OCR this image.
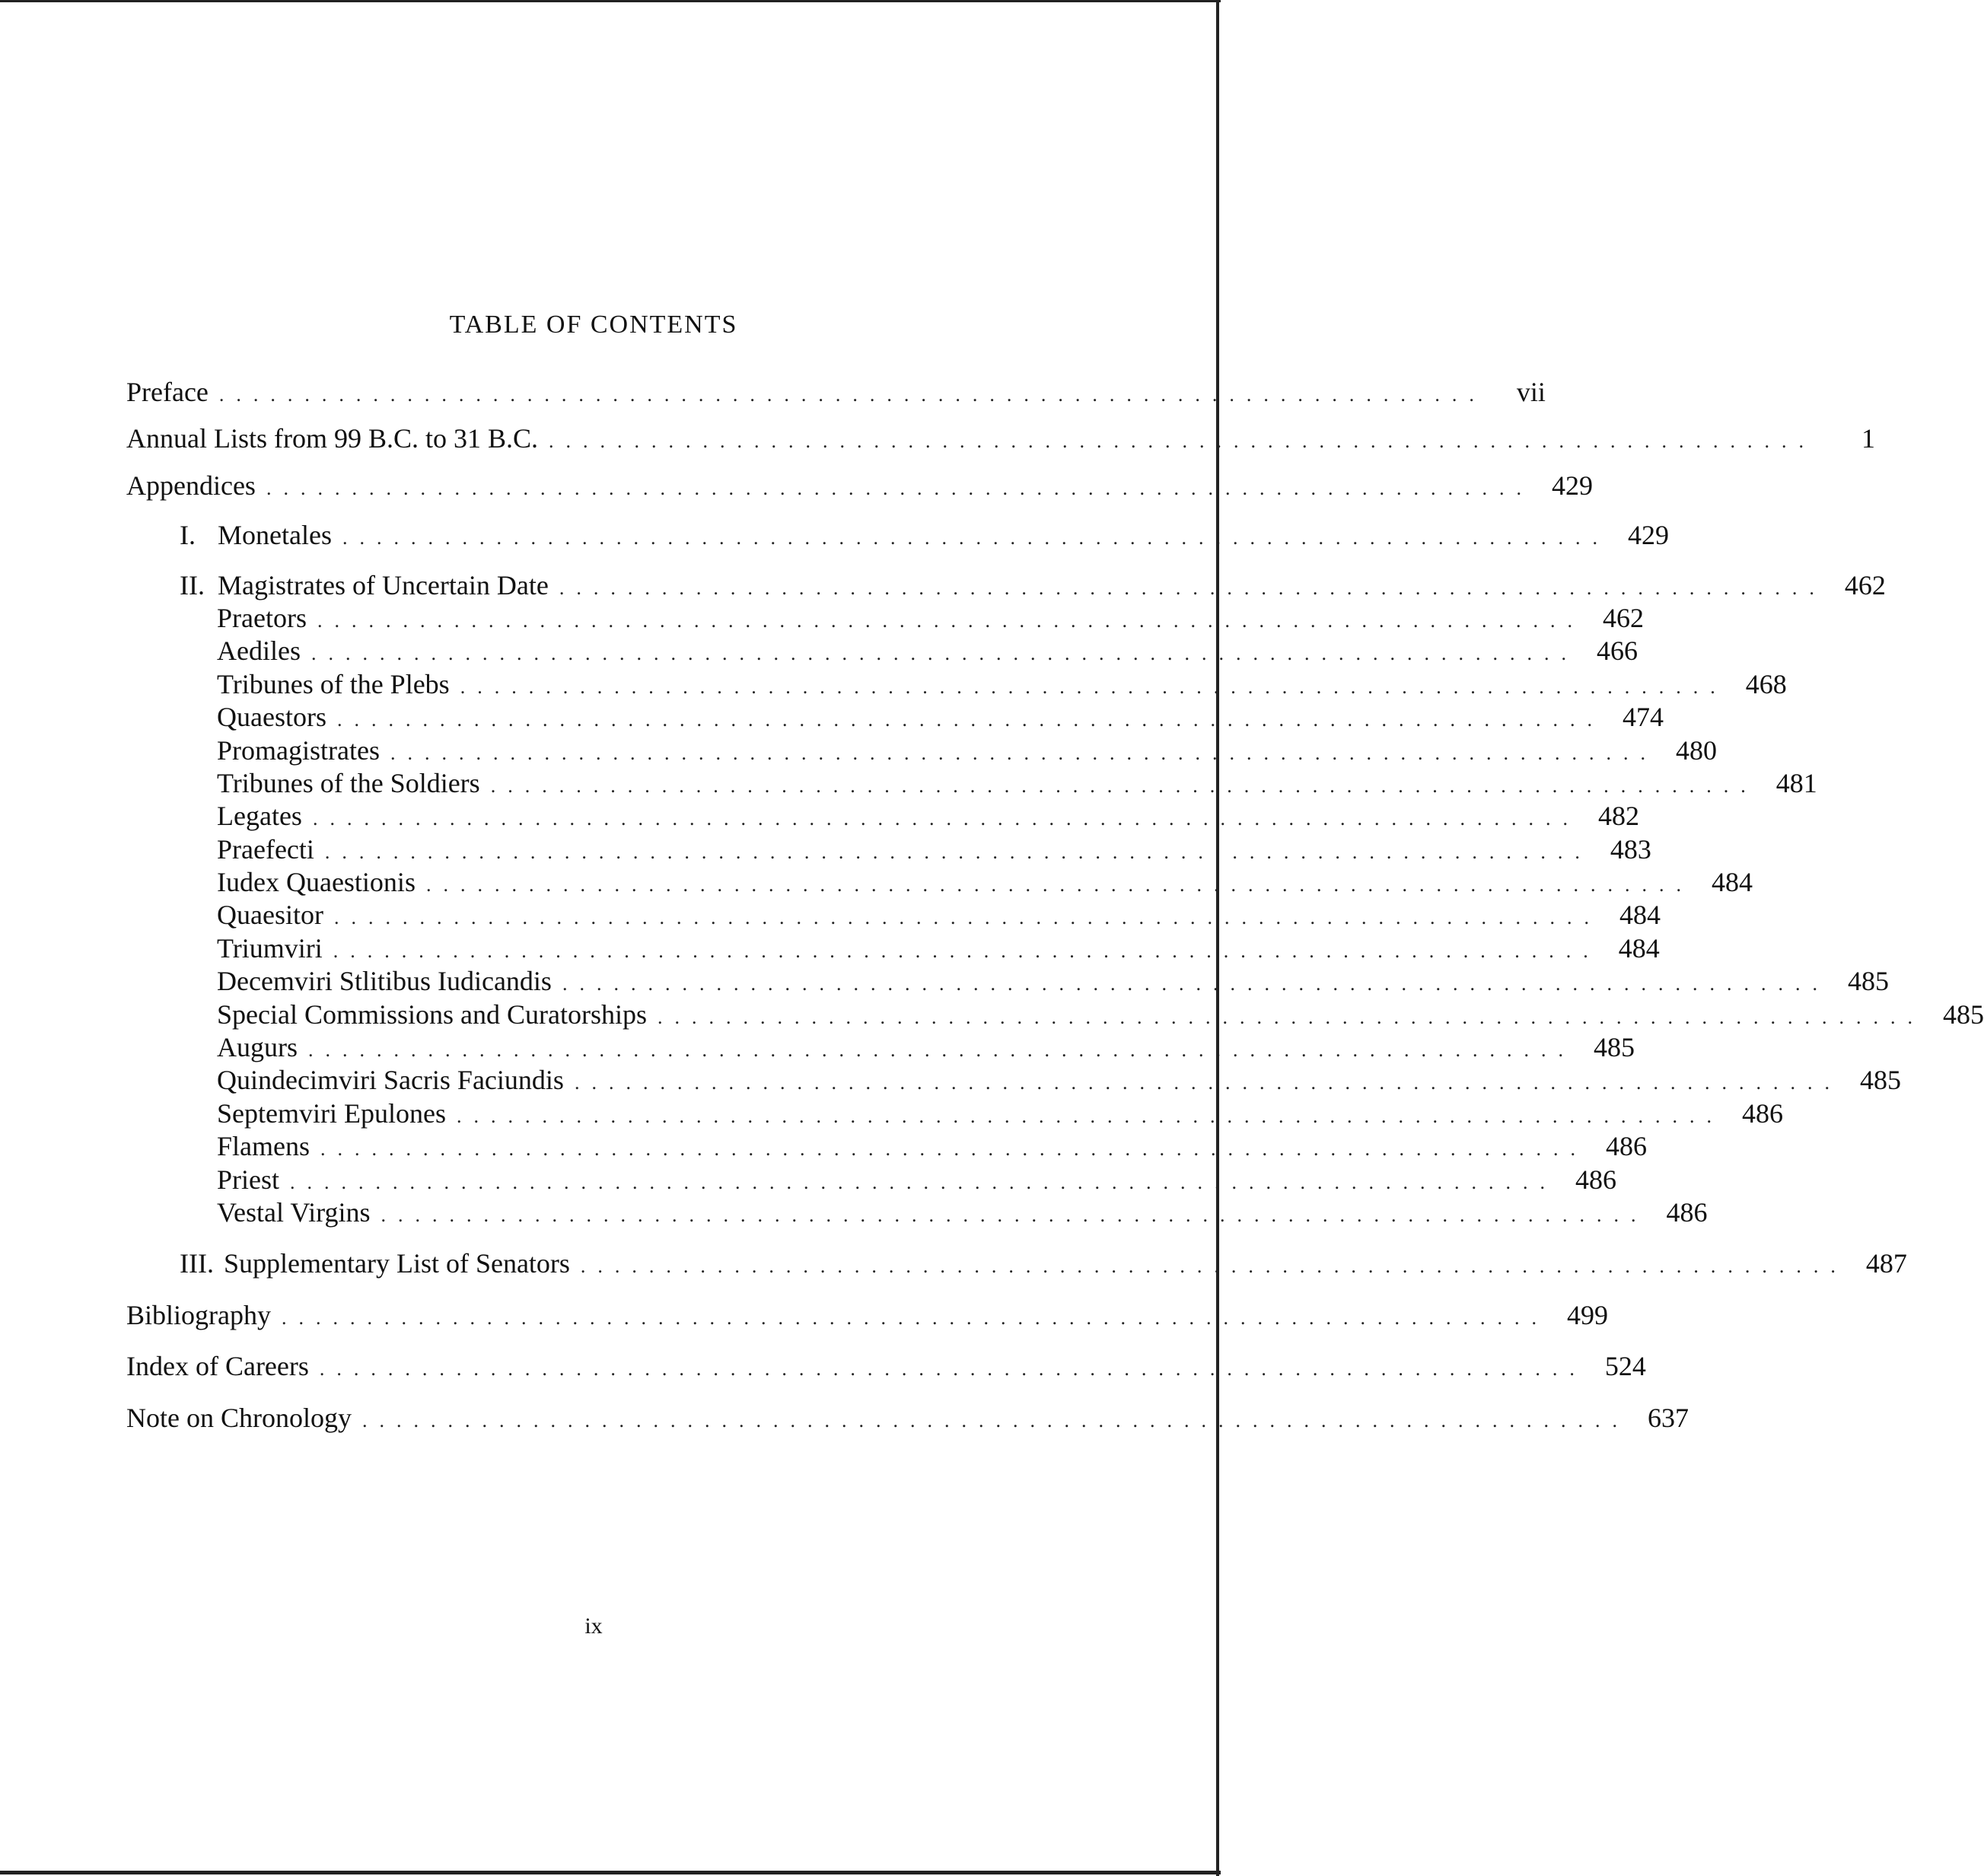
TABLE OF CONTENTS
Preface ..........................................................................	vii
Annual Lists from 99 B.C. to 31 B.C. ..........................................................................	1
Appendices .......................................................................... 429
I. Monetales .......................................................................... 429
II. Magistrates of Uncertain Date .......................................................................... 462
Praetors .......................................................................... 462
Aediles .......................................................................... 466
Tribunes of the Plebs .......................................................................... 468
Quaestors .......................................................................... 474
Promagistrates .......................................................................... 480
Tribunes of the Soldiers .......................................................................... 481
Legates .......................................................................... 482
Praefecti .......................................................................... 483
Iudex Quaestionis .......................................................................... 484
Quaesitor .......................................................................... 484
Triumviri .......................................................................... 484
Decemviri Stlitibus Iudicandis .......................................................................... 485
Special Commissions and Curatorships .......................................................................... 485
Augurs .......................................................................... 485
Quindecimviri Sacris Faciundis .......................................................................... 485
Septemviri Epulones .......................................................................... 486
Flamens .......................................................................... 486
Priest .......................................................................... 486
Vestal Virgins .......................................................................... 486
III. Supplementary List of Senators .......................................................................... 487
Bibliography .......................................................................... 499
Index of Careers .......................................................................... 524
Note on Chronology .......................................................................... 637
ix
